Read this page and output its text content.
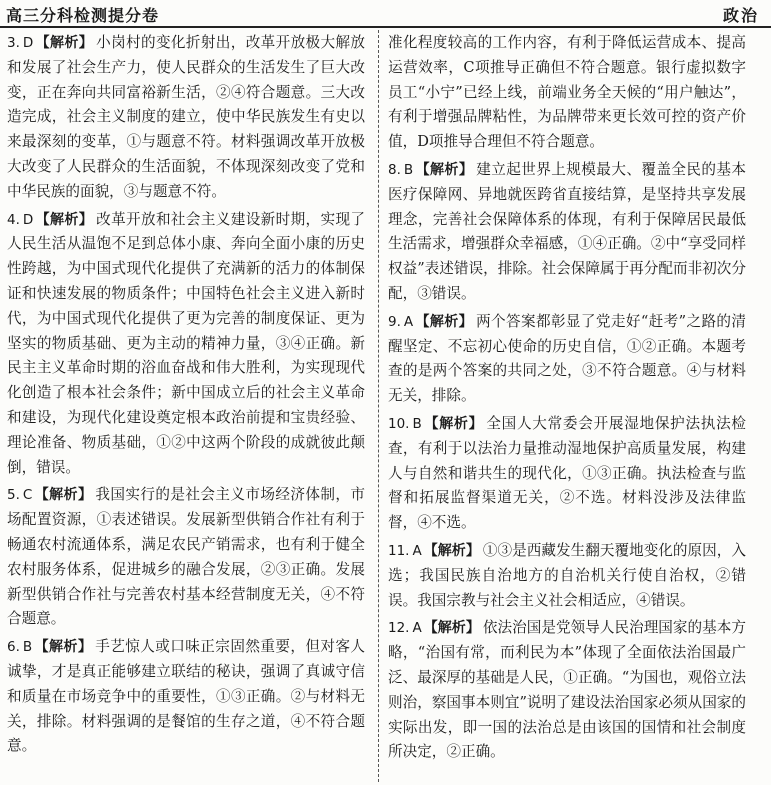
高三分科检测提分卷	政治
3. D 【解析】 小岗村的变化折射出，改革开放极大解放和发展了社会生产力，使人民群众的生活发生了巨大改变，正在奔向共同富裕新生活，②④符合题意。三大改造完成，社会主义制度的建立，使中华民族发生有史以来最深刻的变革，①与题意不符。材料强调改革开放极大改变了人民群众的生活面貌，不体现深刻改变了党和中华民族的面貌，③与题意不符。
4. D 【解析】 改革开放和社会主义建设新时期，实现了人民生活从温饱不足到总体小康、奔向全面小康的历史性跨越，为中国式现代化提供了充满新的活力的体制保证和快速发展的物质条件；中国特色社会主义进入新时代，为中国式现代化提供了更为完善的制度保证、更为坚实的物质基础、更为主动的精神力量，③④正确。新民主主义革命时期的浴血奋战和伟大胜利，为实现现代化创造了根本社会条件；新中国成立后的社会主义革命和建设，为现代化建设奠定根本政治前提和宝贵经验、理论准备、物质基础，①②中这两个阶段的成就彼此颠倒，错误。
5. C 【解析】 我国实行的是社会主义市场经济体制，市场配置资源，①表述错误。发展新型供销合作社有利于畅通农村流通体系，满足农民产销需求，也有利于健全农村服务体系，促进城乡的融合发展，②③正确。发展新型供销合作社与完善农村基本经营制度无关，④不符合题意。
6. B 【解析】 手艺惊人或口味正宗固然重要，但对客人诚挚，才是真正能够建立联结的秘诀，强调了真诚守信和质量在市场竞争中的重要性，①③正确。②与材料无关，排除。材料强调的是餐馆的生存之道，④不符合题意。
准化程度较高的工作内容，有利于降低运营成本、提高运营效率，C项推导正确但不符合题意。银行虚拟数字员工“小宁”已经上线，前端业务全天候的“用户触达”，有利于增强品牌粘性，为品牌带来更长效可控的资产价值，D项推导合理但不符合题意。
8. B 【解析】 建立起世界上规模最大、覆盖全民的基本医疗保障网、异地就医跨省直接结算，是坚持共享发展理念，完善社会保障体系的体现，有利于保障居民最低生活需求，增强群众幸福感，①④正确。②中“享受同样权益”表述错误，排除。社会保障属于再分配而非初次分配，③错误。
9. A 【解析】 两个答案都彰显了党走好“赶考”之路的清醒坚定、不忘初心使命的历史自信，①②正确。本题考查的是两个答案的共同之处，③不符合题意。④与材料无关，排除。
10. B 【解析】 全国人大常委会开展湿地保护法执法检查，有利于以法治力量推动湿地保护高质量发展，构建人与自然和谐共生的现代化，①③正确。执法检查与监督和拓展监督渠道无关，②不选。材料没涉及法律监督，④不选。
11. A 【解析】 ①③是西藏发生翻天覆地变化的原因，入选；我国民族自治地方的自治机关行使自治权，②错误。我国宗教与社会主义社会相适应，④错误。
12. A 【解析】 依法治国是党领导人民治理国家的基本方略，“治国有常，而利民为本”体现了全面依法治国最广泛、最深厚的基础是人民，①正确。“为国也，观俗立法则治，察国事本则宜”说明了建设法治国家必须从国家的实际出发，即一国的法治总是由该国的国情和社会制度所决定，②正确。
